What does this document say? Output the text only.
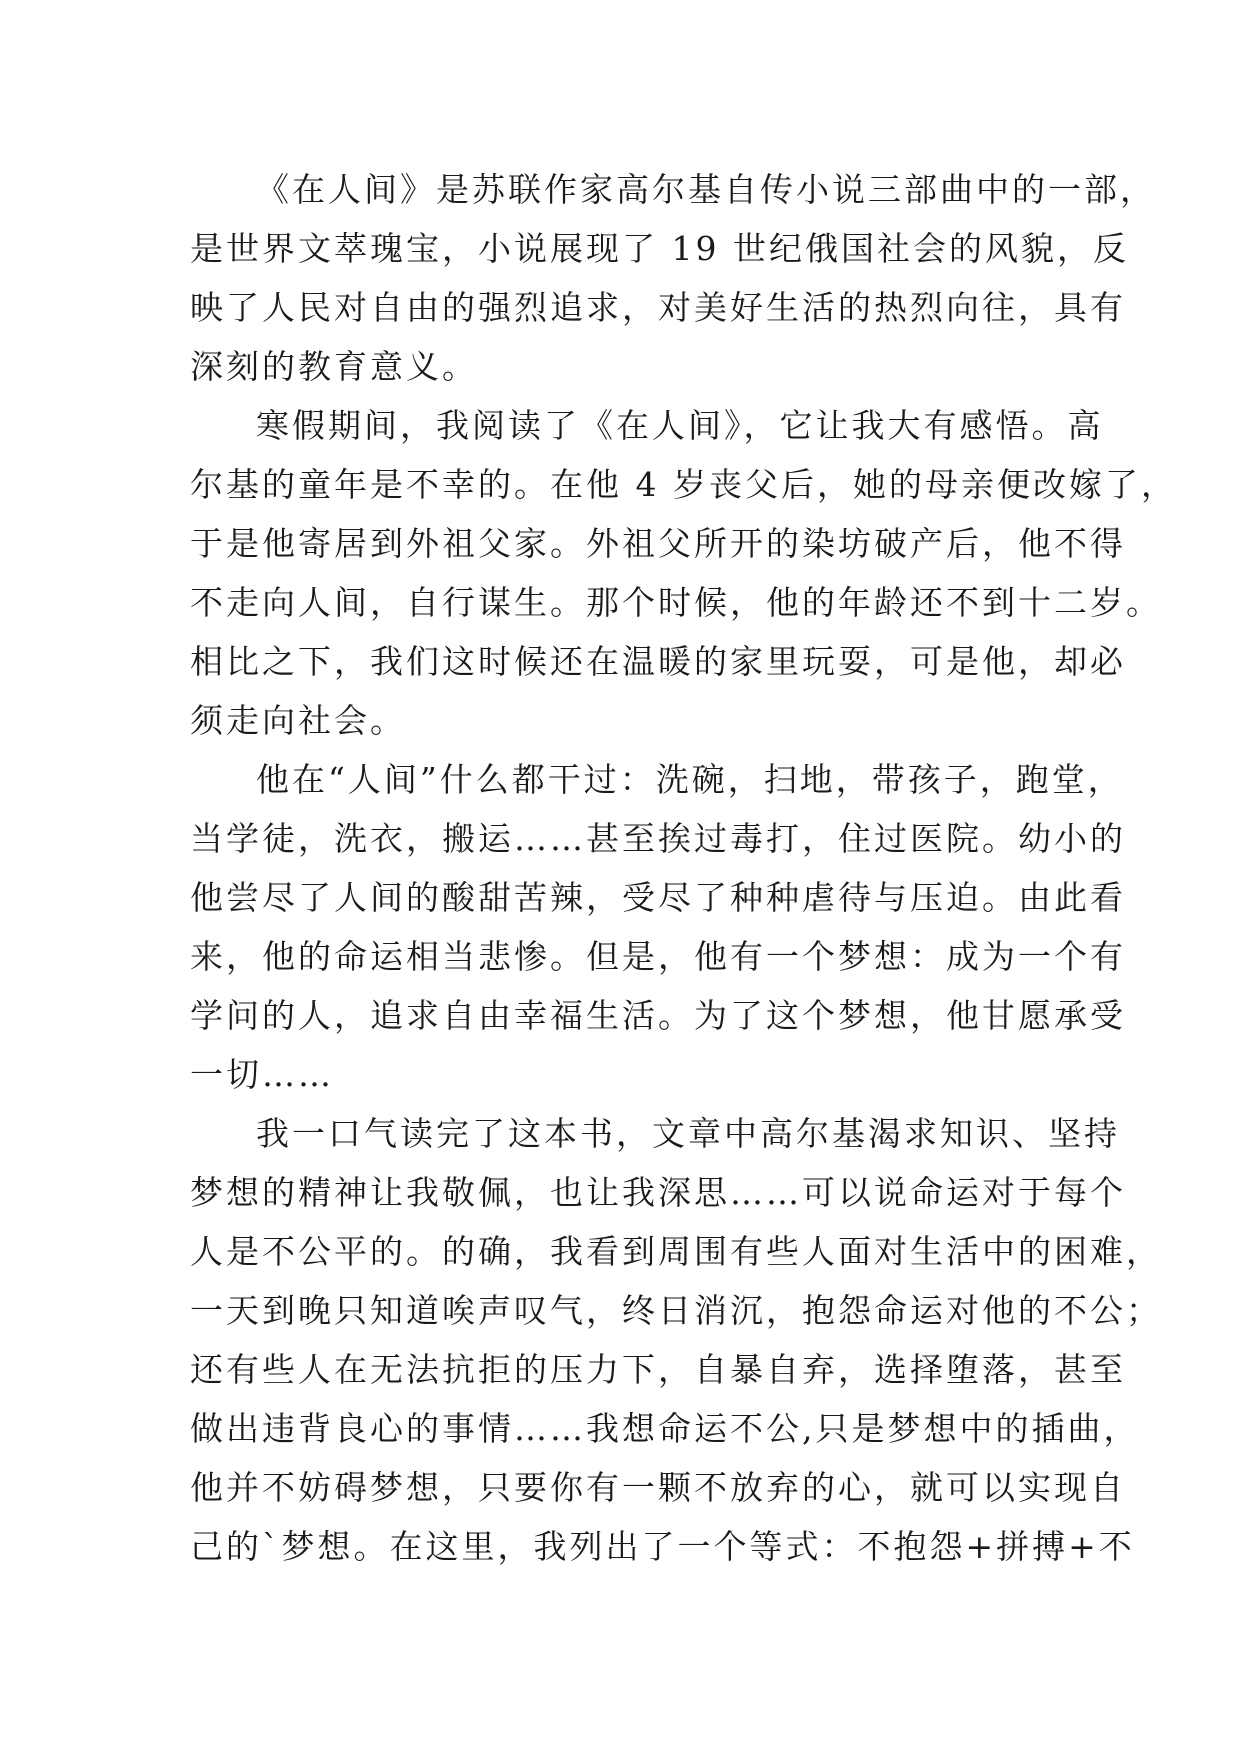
《在人间》是苏联作家高尔基自传小说三部曲中的一部，
是世界文萃瑰宝，小说展现了 19 世纪俄国社会的风貌，反
映了人民对自由的强烈追求，对美好生活的热烈向往，具有
深刻的教育意义。
寒假期间，我阅读了《在人间》，它让我大有感悟。高
尔基的童年是不幸的。在他 4 岁丧父后，她的母亲便改嫁了，
于是他寄居到外祖父家。外祖父所开的染坊破产后，他不得
不走向人间，自行谋生。那个时候，他的年龄还不到十二岁。
相比之下，我们这时候还在温暖的家里玩耍，可是他，却必
须走向社会。
他在“人间”什么都干过：洗碗，扫地，带孩子，跑堂，
当学徒，洗衣，搬运……甚至挨过毒打，住过医院。幼小的
他尝尽了人间的酸甜苦辣，受尽了种种虐待与压迫。由此看
来，他的命运相当悲惨。但是，他有一个梦想：成为一个有
学问的人，追求自由幸福生活。为了这个梦想，他甘愿承受
一切……
我一口气读完了这本书，文章中高尔基渴求知识、坚持
梦想的精神让我敬佩，也让我深思……可以说命运对于每个
人是不公平的。的确，我看到周围有些人面对生活中的困难，
一天到晚只知道唉声叹气，终日消沉，抱怨命运对他的不公；
还有些人在无法抗拒的压力下，自暴自弃，选择堕落，甚至
做出违背良心的事情……我想命运不公,只是梦想中的插曲，
他并不妨碍梦想，只要你有一颗不放弃的心，就可以实现自
己的`梦想。在这里，我列出了一个等式：不抱怨+拼搏+不
